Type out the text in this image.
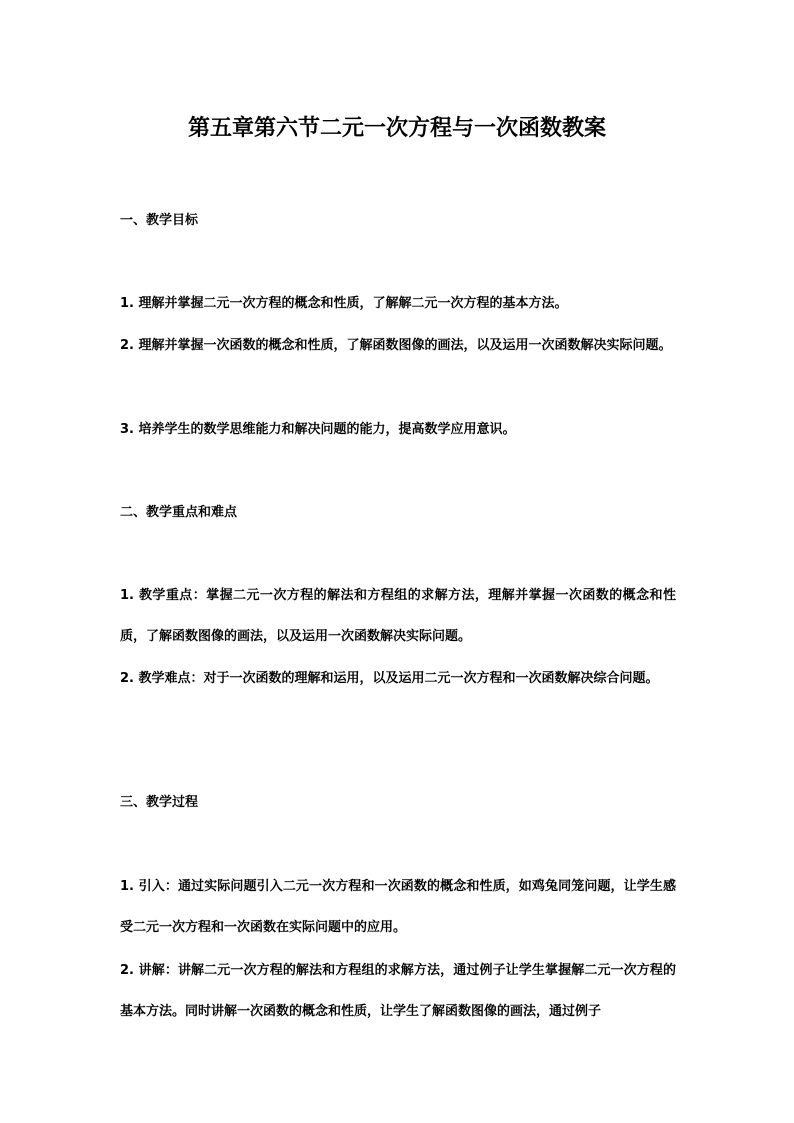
第五章第六节二元一次方程与一次函数教案
一、教学目标
1. 理解并掌握二元一次方程的概念和性质，了解解二元一次方程的基本方法。
2. 理解并掌握一次函数的概念和性质，了解函数图像的画法，以及运用一次函数解决实际问题。
3. 培养学生的数学思维能力和解决问题的能力，提高数学应用意识。
二、教学重点和难点
1. 教学重点：掌握二元一次方程的解法和方程组的求解方法，理解并掌握一次函数的概念和性质，了解函数图像的画法，以及运用一次函数解决实际问题。
2. 教学难点：对于一次函数的理解和运用，以及运用二元一次方程和一次函数解决综合问题。
三、教学过程
1. 引入：通过实际问题引入二元一次方程和一次函数的概念和性质，如鸡兔同笼问题，让学生感受二元一次方程和一次函数在实际问题中的应用。
2. 讲解：讲解二元一次方程的解法和方程组的求解方法，通过例子让学生掌握解二元一次方程的基本方法。同时讲解一次函数的概念和性质，让学生了解函数图像的画法，通过例子
